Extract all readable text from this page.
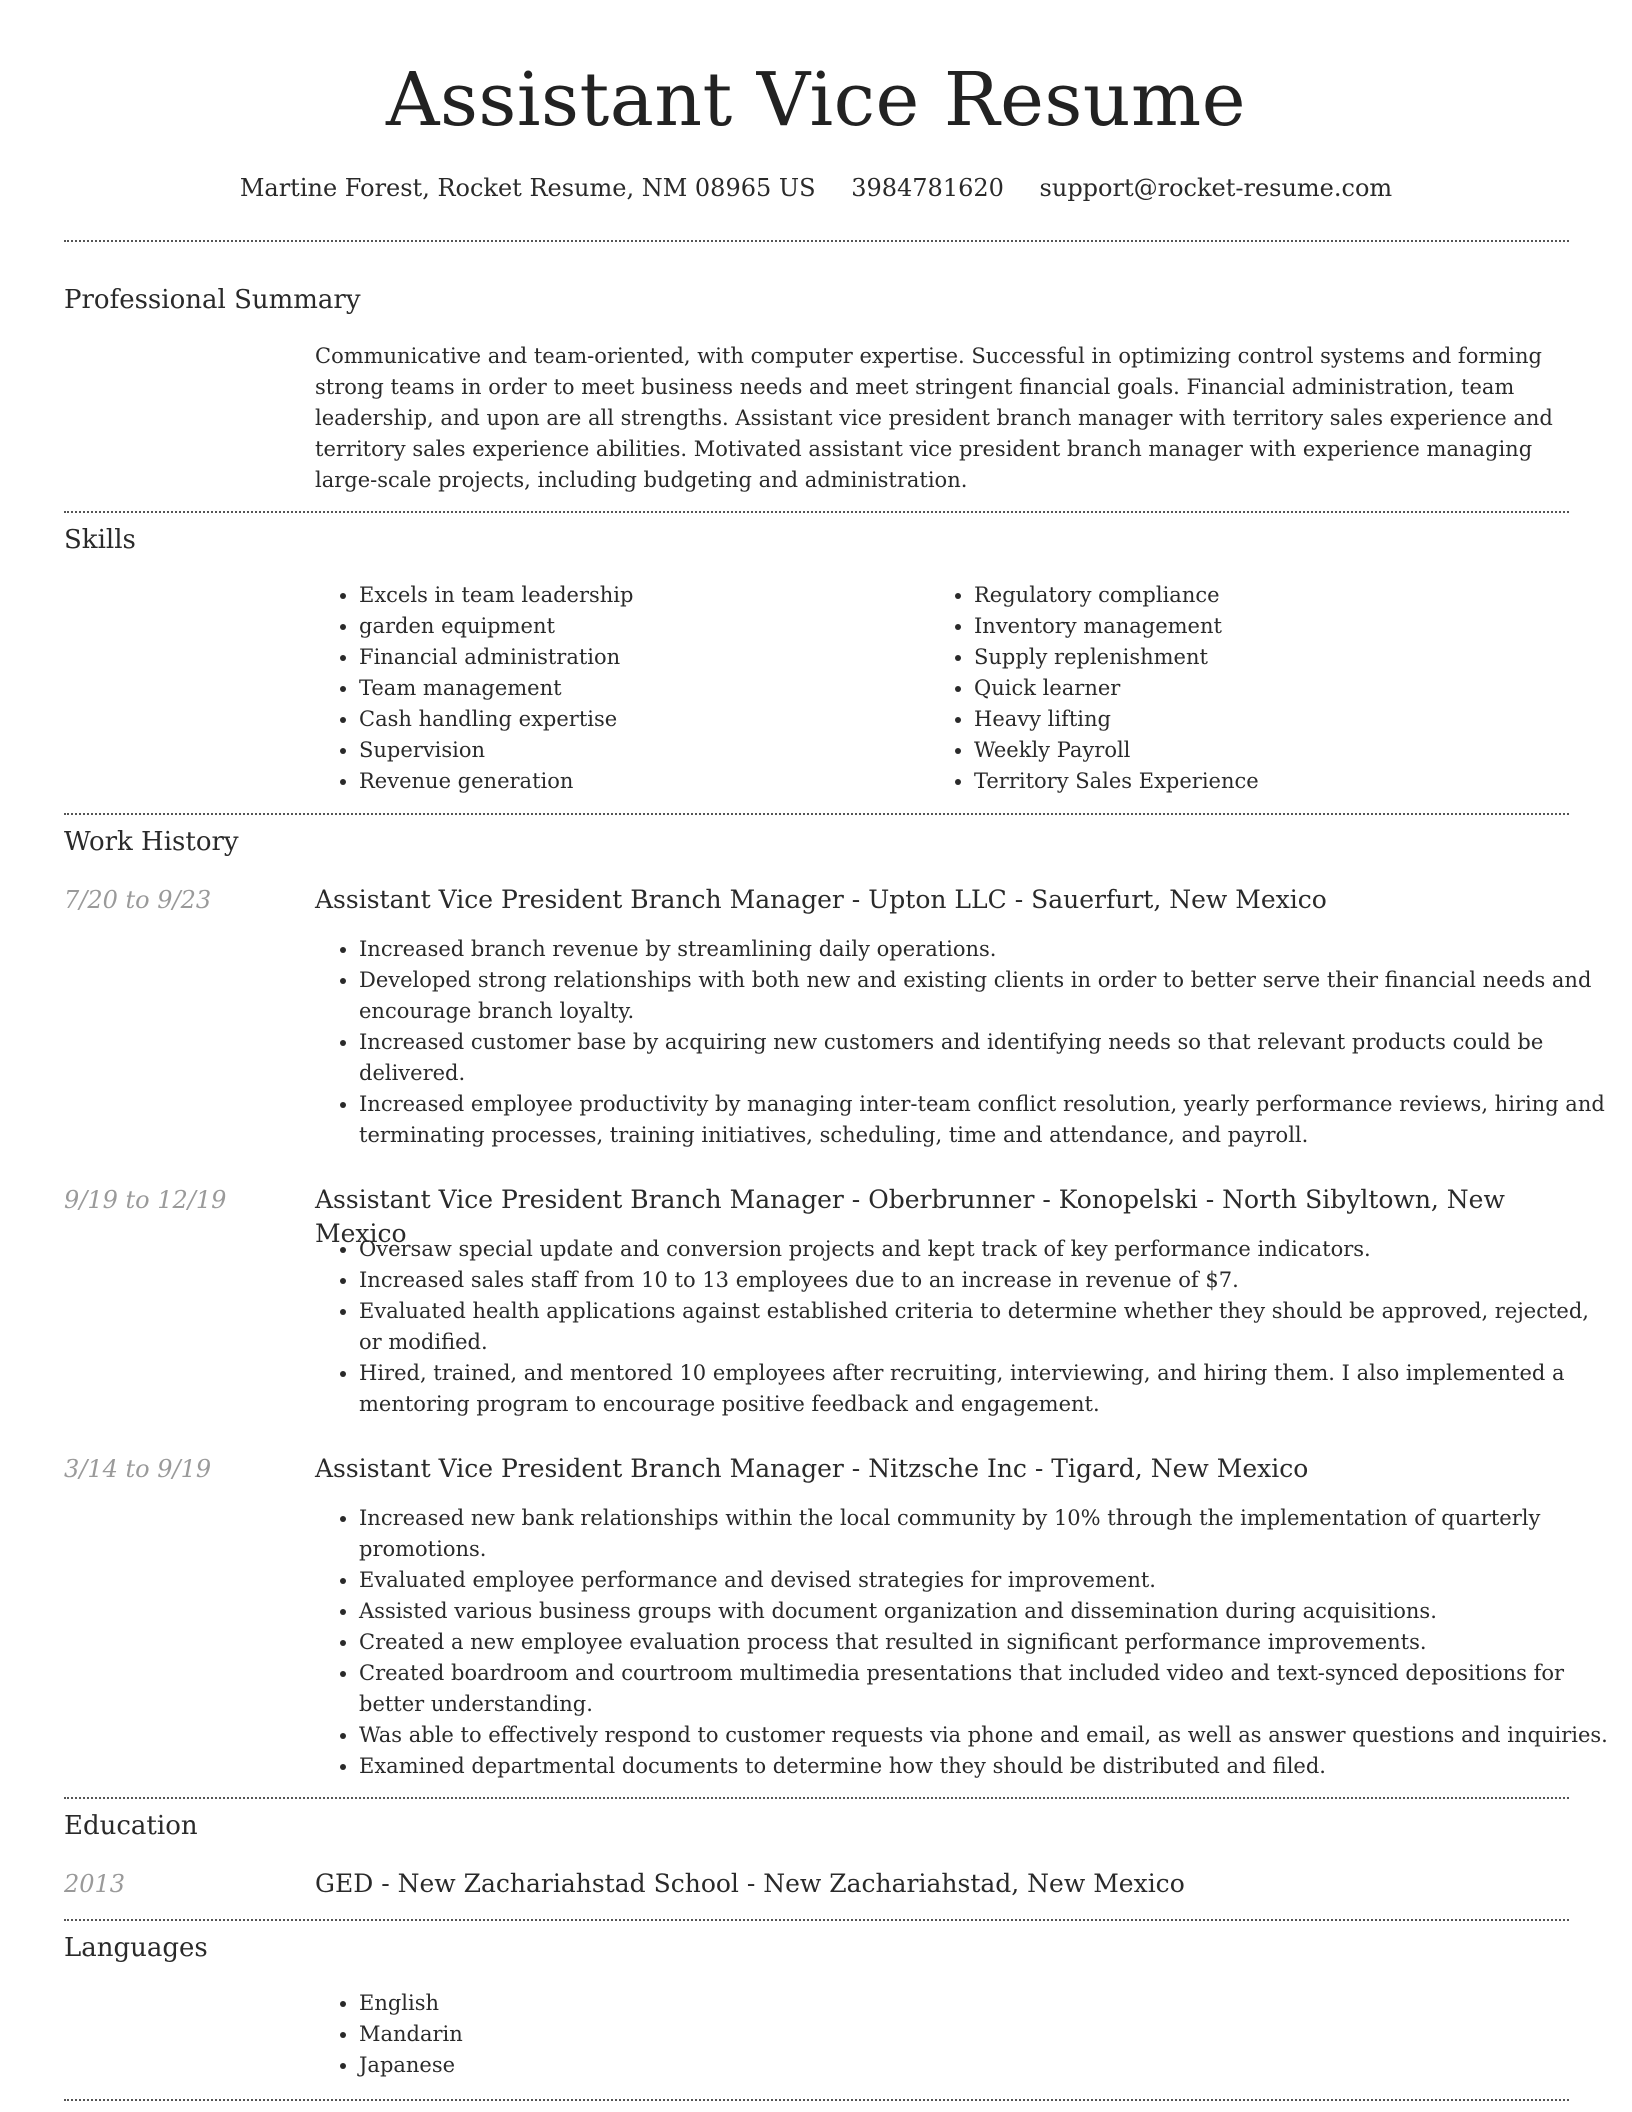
Assistant Vice Resume
Martine Forest, Rocket Resume, NM 08965 US 3984781620 support@rocket-resume.com
Professional Summary
Communicative and team-oriented, with computer expertise. Successful in optimizing control systems and forming strong teams in order to meet business needs and meet stringent financial goals. Financial administration, team leadership, and upon are all strengths. Assistant vice president branch manager with territory sales experience and territory sales experience abilities. Motivated assistant vice president branch manager with experience managing large-scale projects, including budgeting and administration.
Skills
• Excels in team leadership
• garden equipment
• Financial administration
• Team management
• Cash handling expertise
• Supervision
• Revenue generation
• Regulatory compliance
• Inventory management
• Supply replenishment
• Quick learner
• Heavy lifting
• Weekly Payroll
• Territory Sales Experience
Work History
7/20 to 9/23	Assistant Vice President Branch Manager - Upton LLC - Sauerfurt, New Mexico
• Increased branch revenue by streamlining daily operations.
• Developed strong relationships with both new and existing clients in order to better serve their financial needs and encourage branch loyalty.
• Increased customer base by acquiring new customers and identifying needs so that relevant products could be delivered.
• Increased employee productivity by managing inter-team conflict resolution, yearly performance reviews, hiring and terminating processes, training initiatives, scheduling, time and attendance, and payroll.
9/19 to 12/19	Assistant Vice President Branch Manager - Oberbrunner - Konopelski - North Sibyltown, New Mexico
• Oversaw special update and conversion projects and kept track of key performance indicators.
• Increased sales staff from 10 to 13 employees due to an increase in revenue of $7.
• Evaluated health applications against established criteria to determine whether they should be approved, rejected, or modified.
• Hired, trained, and mentored 10 employees after recruiting, interviewing, and hiring them. I also implemented a mentoring program to encourage positive feedback and engagement.
3/14 to 9/19	Assistant Vice President Branch Manager - Nitzsche Inc - Tigard, New Mexico
• Increased new bank relationships within the local community by 10% through the implementation of quarterly promotions.
• Evaluated employee performance and devised strategies for improvement.
• Assisted various business groups with document organization and dissemination during acquisitions.
• Created a new employee evaluation process that resulted in significant performance improvements.
• Created boardroom and courtroom multimedia presentations that included video and text-synced depositions for better understanding.
• Was able to effectively respond to customer requests via phone and email, as well as answer questions and inquiries.
• Examined departmental documents to determine how they should be distributed and filed.
Education
2013	GED - New Zachariahstad School - New Zachariahstad, New Mexico
Languages
• English
• Mandarin
• Japanese
